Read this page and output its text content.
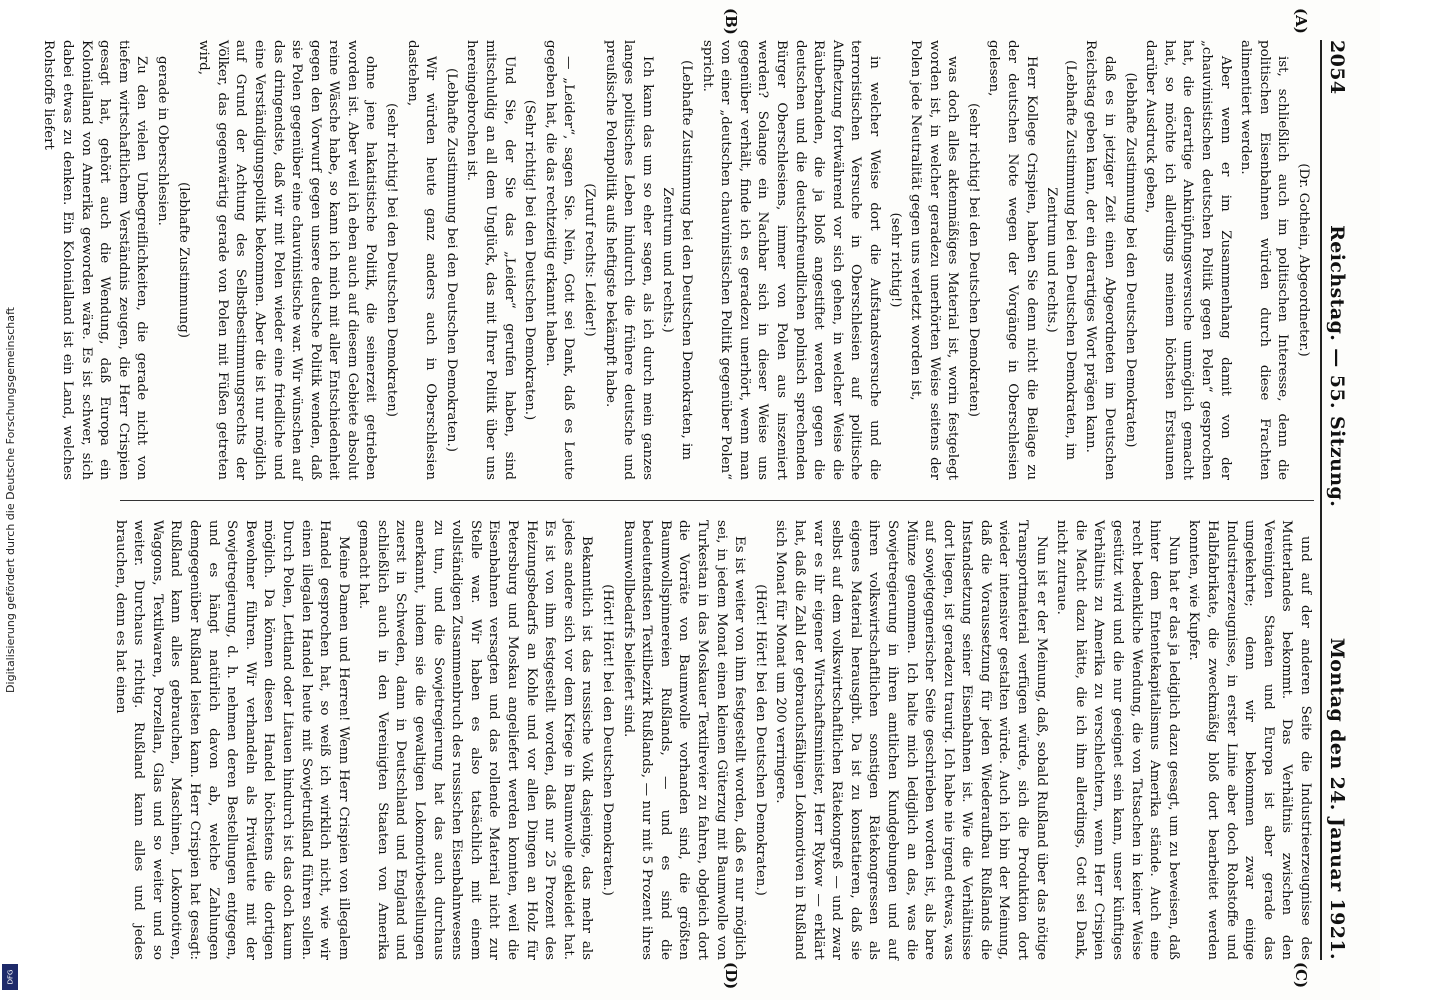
Digitalisierung gefördert durch die Deutsche Forschungsgemeinschaft
DFG
2054
Reichstag. — 55. Sitzung.
Montag den 24. Januar 1921.
(A)
(B)
(C)
(D)

(Dr. Gothein, Abgeordneter.)

ist, schließlich auch im politischen Interesse, denn die politischen Eisenbahnen würden durch diese Frachten alimentiert werden.

Aber wenn er im Zusammenhang damit von der „chauvinistischen deutschen Politik gegen Polen“ gesprochen hat, die derartige Anknüpfungsversuche unmöglich gemacht hat, so möchte ich allerdings meinem höchsten Erstaunen darüber Ausdruck geben,

(lebhafte Zustimmung bei den Deutschen Demokraten)

daß es in jetziger Zeit einen Abgeordneten im Deutschen Reichstag geben kann, der ein derartiges Wort prägen kann.

(Lebhafte Zustimmung bei den Deutschen Demokraten, im Zentrum und rechts.)

Herr Kollege Crispien, haben Sie denn nicht die Beilage zu der deutschen Note wegen der Vorgänge in Oberschlesien gelesen,

(sehr richtig! bei den Deutschen Demokraten)

was doch alles aktenmäßiges Material ist, worin festgelegt worden ist, in welcher geradezu unerhörten Weise seitens der Polen jede Neutralität gegen uns verletzt worden ist,

(sehr richtig!)

in welcher Weise dort die Aufstandsversuche und die terroristischen Versuche in Oberschlesien auf politische Aufhetzung fortwährend vor sich gehen, in welcher Weise die Räuberbanden, die ja bloß angestiftet werden gegen die deutschen und die deutschfreundlichen polnisch sprechenden Bürger Oberschlesiens, immer von Polen aus inszeniert werden? Solange ein Nachbar sich in dieser Weise uns gegenüber verhält, finde ich es geradezu unerhört, wenn man von einer „deutschen chauvinistischen Politik gegenüber Polen“ spricht.

(Lebhafte Zustimmung bei den Deutschen Demokraten, im Zentrum und rechts.)

Ich kann das um so eher sagen, als ich durch mein ganzes langes politisches Leben hindurch die frühere deutsche und preußische Polenpolitik aufs heftigste bekämpft habe.

(Zuruf rechts: Leider!)

— „Leider“, sagen Sie. Nein, Gott sei Dank, daß es Leute gegeben hat, die das rechtzeitig erkannt haben.

(Sehr richtig! bei den Deutschen Demokraten.)

Und Sie, der Sie das „Leider“ gerufen haben, sind mitschuldig an all dem Unglück, das mit Ihrer Politik über uns hereingebrochen ist.

(Lebhafte Zustimmung bei den Deutschen Demokraten.)

Wir würden heute ganz anders auch in Oberschlesien dastehen,

(sehr richtig! bei den Deutschen Demokraten)

ohne jene hakatistische Politik, die seinerzeit getrieben worden ist. Aber weil ich eben auch auf diesem Gebiete absolut reine Wäsche habe, so kann ich mich mit aller Entschiedenheit gegen den Vorwurf gegen unsere deutsche Politik wenden, daß sie Polen gegenüber eine chauvinistische war. Wir wünschen auf das dringendste, daß wir mit Polen wieder eine friedliche und eine Verständigungspolitik bekommen. Aber die ist nur möglich auf Grund der Achtung des Selbstbestimmungsrechts der Völker, das gegenwärtig gerade von Polen mit Füßen getreten wird,

(lebhafte Zustimmung)

gerade in Oberschlesien.

Zu den vielen Unbegreiflichkeiten, die gerade nicht von tiefem wirtschaftlichem Verständnis zeugen, die Herr Crispien gesagt hat, gehört auch die Wendung, daß Europa ein Kolonialland von Amerika geworden wäre. Es ist schwer, sich dabei etwas zu denken. Ein Kolonialland ist ein Land, welches Rohstoffe liefert

und auf der anderen Seite die Industrieerzeugnisse des Mutterlandes bekommt. Das Verhältnis zwischen den Vereinigten Staaten und Europa ist aber gerade das umgekehrte; denn wir bekommen zwar einige Industrieerzeugnisse, in erster Linie aber doch Rohstoffe und Halbfabrikate, die zweckmäßig bloß dort bearbeitet werden konnten, wie Kupfer.

Nun hat er das ja lediglich dazu gesagt, um zu beweisen, daß hinter dem Ententekapitalismus Amerika stände. Auch eine recht bedenkliche Wendung, die von Tatsachen in keiner Weise gestützt wird und die nur geeignet sein kann, unser künftiges Verhältnis zu Amerika zu verschlechtern, wenn Herr Crispien die Macht dazu hätte, die ich ihm allerdings, Gott sei Dank, nicht zutraue.

Nun ist er der Meinung, daß, sobald Rußland über das nötige Transportmaterial verfügen würde, sich die Produktion dort wieder intensiver gestalten würde. Auch ich bin der Meinung, daß die Voraussetzung für jeden Wiederaufbau Rußlands die Instandsetzung seiner Eisenbahnen ist. Wie die Verhältnisse dort liegen, ist geradezu traurig. Ich habe nie irgend etwas, was auf sowjetgegnerischer Seite geschrieben worden ist, als bare Münze genommen. Ich halte mich lediglich an das, was die Sowjetregierung in ihren amtlichen Kundgebungen und auf ihren volkswirtschaftlichen sonstigen Rätekongressen als eigenes Material herausgibt. Da ist zu konstatieren, daß sie selbst auf dem volkswirtschaftlichen Rätekongreß — und zwar war es ihr eigener Wirtschaftsminister, Herr Rykow — erklärt hat, daß die Zahl der gebrauchsfähigen Lokomotiven in Rußland sich Monat für Monat um 200 verringere.

(Hört! Hört! bei den Deutschen Demokraten.)

Es ist weiter von ihm festgestellt worden, daß es nur möglich sei, in jedem Monat einen kleinen Güterzug mit Baumwolle von Turkestan in das Moskauer Textilrevier zu fahren, obgleich dort die Vorräte von Baumwolle vorhanden sind, die größten Baumwollspinnereien Rußlands, — und es sind die bedeutendsten Textilbezirk Rußlands, — nur mit 5 Prozent ihres Baumwollbedarfs beliefert sind.

(Hört! Hört! bei den Deutschen Demokraten.)

Bekanntlich ist das russische Volk dasjenige, das mehr als jedes andere sich vor dem Kriege in Baumwolle gekleidet hat. Es ist von ihm festgestellt worden, daß nur 25 Prozent des Heizungsbedarfs an Kohle und vor allen Dingen an Holz für Petersburg und Moskau angeliefert werden konnten, weil die Eisenbahnen versagten und das rollende Material nicht zur Stelle war. Wir haben es also tatsächlich mit einem vollständigen Zusammenbruch des russischen Eisenbahnwesens zu tun, und die Sowjetregierung hat das auch durchaus anerkannt, indem sie die gewaltigen Lokomotivbestellungen zuerst in Schweden, dann in Deutschland und England und schließlich auch in den Vereinigten Staaten von Amerika gemacht hat.

Meine Damen und Herren! Wenn Herr Crispien von illegalem Handel gesprochen hat, so weiß ich wirklich nicht, wie wir einen illegalen Handel heute mit Sowjetrußland führen sollen. Durch Polen, Lettland oder Litauen hindurch ist das doch kaum möglich. Da können diesen Handel höchstens die dortigen Bewohner führen. Wir verhandeln als Privatleute mit der Sowjetregierung, d. h. nehmen deren Bestellungen entgegen, und es hängt natürlich davon ab, welche Zahlungen demgegenüber Rußland leisten kann. Herr Crispien hat gesagt: Rußland kann alles gebrauchen, Maschinen, Lokomotiven, Waggons, Textilwaren, Porzellan, Glas und so weiter und so weiter. Durchaus richtig. Rußland kann alles und jedes brauchen, denn es hat einen
